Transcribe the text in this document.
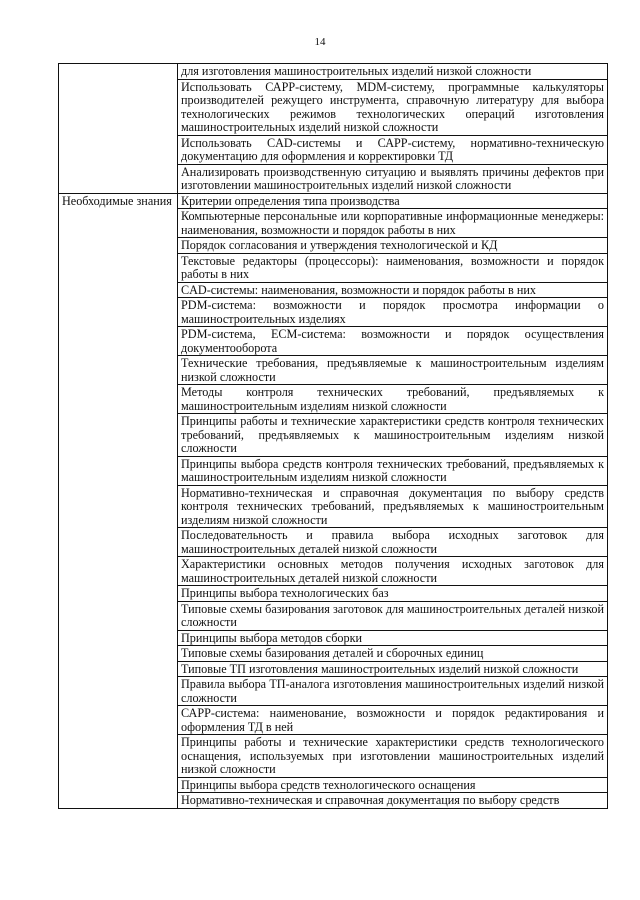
14
	для изготовления машиностроительных изделий низкой сложности
	Использовать САРР-систему, MDM-систему, программные калькуляторы производителей режущего инструмента, справочную литературу для выбора технологических режимов технологических операций изготовления машиностроительных изделий низкой сложности
	Использовать CAD-системы и САРР-систему, нормативно-техническую документацию для оформления и корректировки ТД
	Анализировать производственную ситуацию и выявлять причины дефектов при изготовлении машиностроительных изделий низкой сложности
Необходимые знания	Критерии определения типа производства
	Компьютерные персональные или корпоративные информационные менеджеры: наименования, возможности и порядок работы в них
	Порядок согласования и утверждения технологической и КД
	Текстовые редакторы (процессоры): наименования, возможности и порядок работы в них
	CAD-системы: наименования, возможности и порядок работы в них
	PDM-система: возможности и порядок просмотра информации о машиностроительных изделиях
	PDM-система, ECM-система: возможности и порядок осуществления документооборота
	Технические требования, предъявляемые к машиностроительным изделиям низкой сложности
	Методы контроля технических требований, предъявляемых к машиностроительным изделиям низкой сложности
	Принципы работы и технические характеристики средств контроля технических требований, предъявляемых к машиностроительным изделиям низкой сложности
	Принципы выбора средств контроля технических требований, предъявляемых к машиностроительным изделиям низкой сложности
	Нормативно-техническая и справочная документация по выбору средств контроля технических требований, предъявляемых к машиностроительным изделиям низкой сложности
	Последовательность и правила выбора исходных заготовок для машиностроительных деталей низкой сложности
	Характеристики основных методов получения исходных заготовок для машиностроительных деталей низкой сложности
	Принципы выбора технологических баз
	Типовые схемы базирования заготовок для машиностроительных деталей низкой сложности
	Принципы выбора методов сборки
	Типовые схемы базирования деталей и сборочных единиц
	Типовые ТП изготовления машиностроительных изделий низкой сложности
	Правила выбора ТП-аналога изготовления машиностроительных изделий низкой сложности
	САРР-система: наименование, возможности и порядок редактирования и оформления ТД в ней
	Принципы работы и технические характеристики средств технологического оснащения, используемых при изготовлении машиностроительных изделий низкой сложности
	Принципы выбора средств технологического оснащения
	Нормативно-техническая и справочная документация по выбору средств
